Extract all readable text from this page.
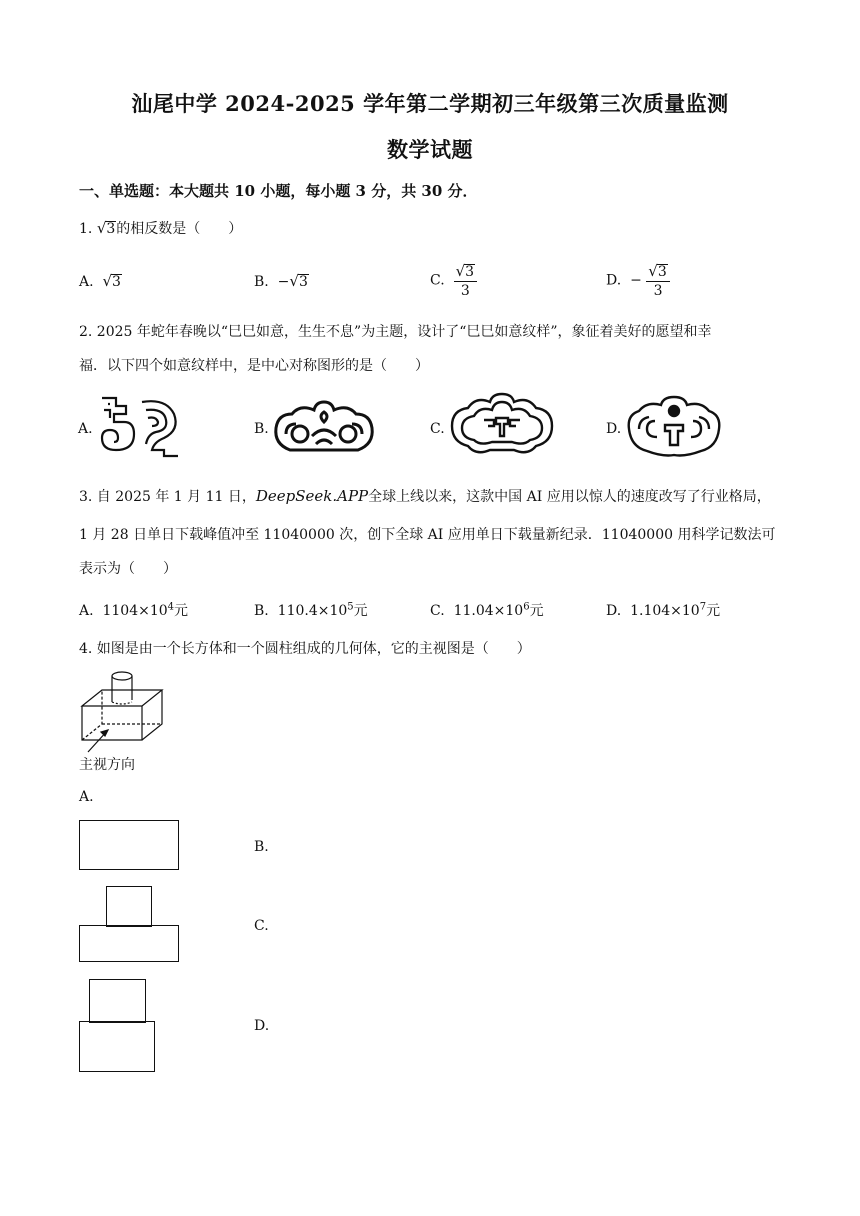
汕尾中学 2024-2025 学年第二学期初三年级第三次质量监测
数学试题
一、单选题：本大题共 10 小题，每小题 3 分，共 30 分．
1. √3的相反数是（　　）
A. √3	B. −√3	C. $\frac{√3}{3}$	D. − $\frac{√3}{3}$
2. 2025 年蛇年春晚以“巳巳如意，生生不息”为主题，设计了“巳巳如意纹样”，象征着美好的愿望和幸
福．以下四个如意纹样中，是中心对称图形的是（　　）
A.	B.	C.	D.
3. 自 2025 年 1 月 11 日，DeepSeek.APP全球上线以来，这款中国 AI 应用以惊人的速度改写了行业格局，
1 月 28 日单日下载峰值冲至 11040000 次，创下全球 AI 应用单日下载量新纪录．11040000 用科学记数法可
表示为（　　）
A. $1104\times 10^4$元	B. $110.4\times 10^5$元	C. $11.04\times 10^6$元	D. $1.104\times 10^7$元
4. 如图是由一个长方体和一个圆柱组成的几何体，它的主视图是（　　）
主视方向
A.
B.
C.
D.
